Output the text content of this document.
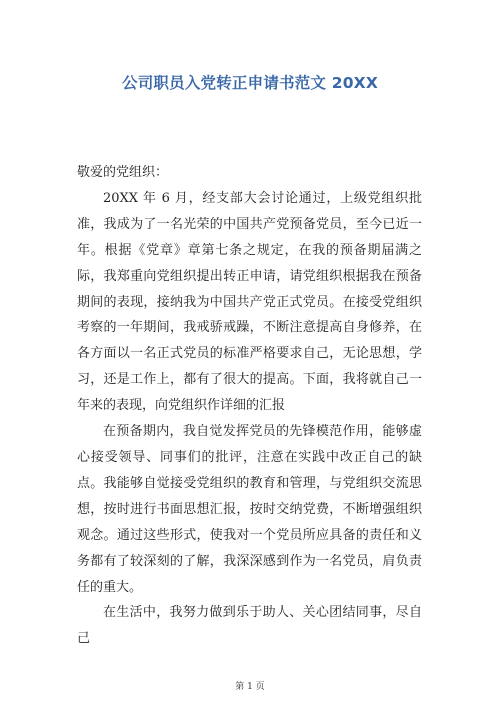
公司职员入党转正申请书范文 20XX

敬爱的党组织：

20XX 年 6 月，经支部大会讨论通过，上级党组织批准，我成为了一名光荣的中国共产党预备党员，至今已近一年。根据《党章》章第七条之规定，在我的预备期届满之际，我郑重向党组织提出转正申请，请党组织根据我在预备期间的表现，接纳我为中国共产党正式党员。在接受党组织考察的一年期间，我戒骄戒躁，不断注意提高自身修养，在各方面以一名正式党员的标准严格要求自己，无论思想，学习，还是工作上，都有了很大的提高。下面，我将就自己一年来的表现，向党组织作详细的汇报

在预备期内，我自觉发挥党员的先锋模范作用，能够虚心接受领导、同事们的批评，注意在实践中改正自己的缺点。我能够自觉接受党组织的教育和管理，与党组织交流思想，按时进行书面思想汇报，按时交纳党费，不断增强组织观念。通过这些形式，使我对一个党员所应具备的责任和义务都有了较深刻的了解，我深深感到作为一名党员，肩负责任的重大。

在生活中，我努力做到乐于助人、关心团结同事，尽自己

第 1 页
